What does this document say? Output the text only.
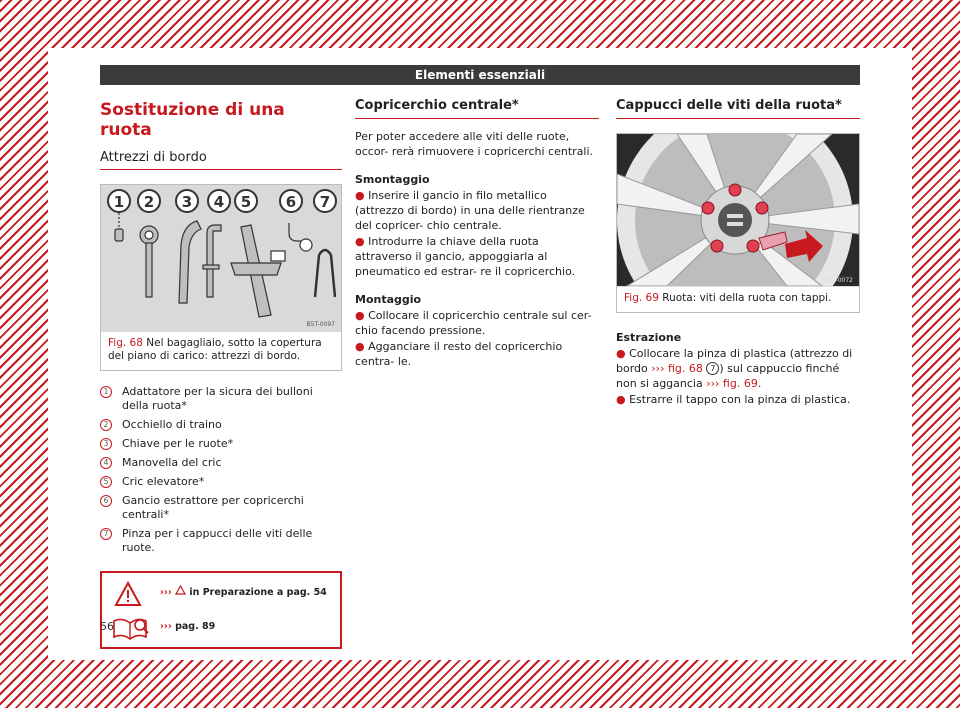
Elementi essenziali
Sostituzione di una ruota
Attrezzi di bordo
1 2 3 4 5 6 7
B5T-0097
Fig. 68 Nel bagagliaio, sotto la copertura del piano di carico: attrezzi di bordo.
1	Adattatore per la sicura dei bulloni della ruota*
2	Occhiello di traino
3	Chiave per le ruote*
4	Manovella del cric
5	Cric elevatore*
6	Gancio estrattore per copricerchi centrali*
7	Pinza per i cappucci delle viti delle ruote.
››› in Preparazione a pag. 54
››› pag. 89
Copricerchio centrale*

Per poter accedere alle viti delle ruote, occor- rerà rimuovere i copricerchi centrali.

Smontaggio
● Inserire il gancio in filo metallico (attrezzo di bordo) in una delle rientranze del copricer- chio centrale.
● Introdurre la chiave della ruota attraverso il gancio, appoggiarla al pneumatico ed estrar- re il copricerchio.
Montaggio
● Collocare il copricerchio centrale sul cer- chio facendo pressione.
● Agganciare il resto del copricerchio centra- le.
Cappucci delle viti della ruota*
B5T-0072
Fig. 69 Ruota: viti della ruota con tappi.
Estrazione
● Collocare la pinza di plastica (attrezzo di bordo ››› fig. 68 7 ) sul cappuccio finché non si aggancia ››› fig. 69.
● Estrarre il tappo con la pinza di plastica.
56
